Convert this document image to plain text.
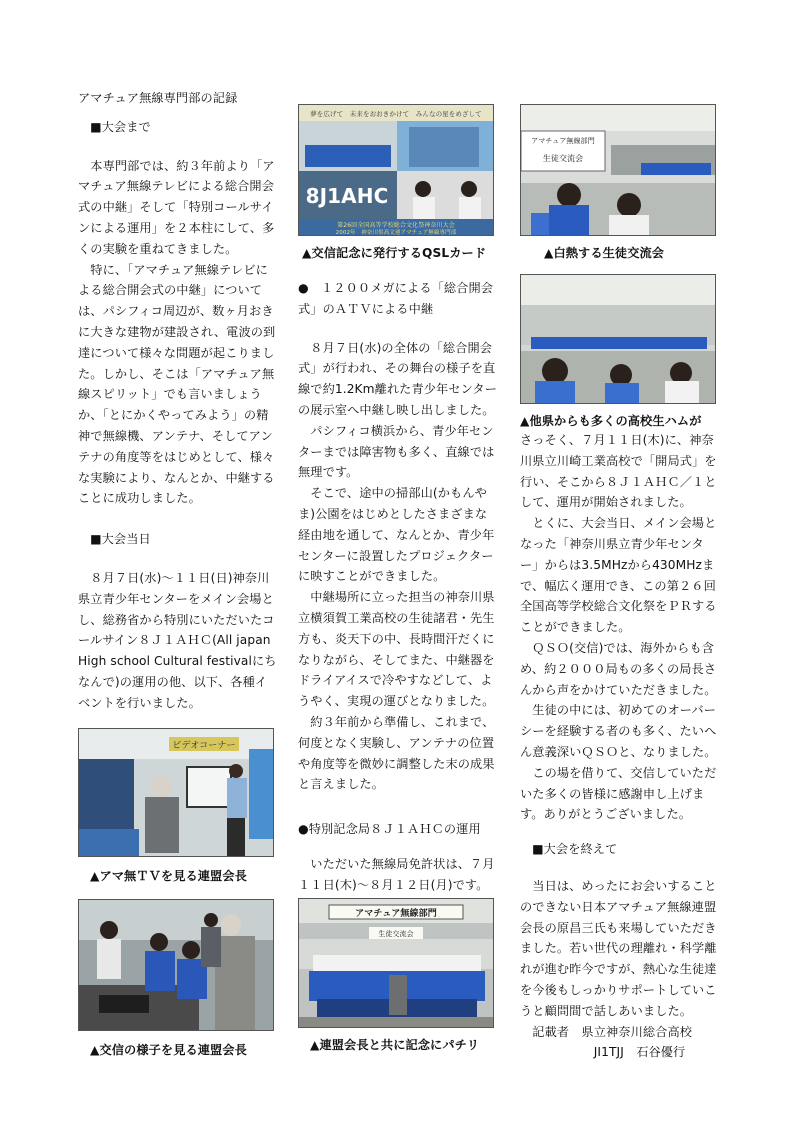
アマチュア無線専門部の記録

■大会まで

　本専門部では、約３年前より「アマチュア無線テレビによる総合開会式の中継」そして「特別コールサインによる運用」を２本柱にして、多くの実験を重ねてきました。

　特に、「アマチュア無線テレビによる総合開会式の中継」については、パシフィコ周辺が、数ヶ月おきに大きな建物が建設され、電波の到達について様々な問題が起こりました。しかし、そこは「アマチュア無線スピリット」でも言いましょうか、「とにかくやってみよう」の精神で無線機、アンテナ、そしてアンテナの角度等をはじめとして、様々な実験により、なんとか、中継することに成功しました。

■大会当日

　８月７日(水)～１１日(日)神奈川県立青少年センターをメイン会場とし、総務省から特別にいただいたコールサイン８Ｊ１ＡＨＣ(All japan High school Cultural festivalにちなんで)の運用の他、以下、各種イベントを行いました。

ビデオコーナー

▲アマ無ＴＶを見る連盟会長

▲交信の様子を見る連盟会長

夢を広げて　未来をおおきかけて　みんなの星をめざして
8J1AHC
第26回全国高等学校総合文化祭神奈川大会
2002年　神奈川県高文連アマチュア無線専門部

▲交信記念に発行するQSLカード

●　１２００メガによる「総合開会式」のＡＴＶによる中継

　８月７日(水)の全体の「総合開会式」が行われ、その舞台の様子を直線で約1.2Km離れた青少年センターの展示室へ中継し映し出しました。

　パシフィコ横浜から、青少年センターまでは障害物も多く、直線では無理です。

　そこで、途中の掃部山(かもんやま)公園をはじめとしたさまざまな経由地を通して、なんとか、青少年センターに設置したプロジェクターに映すことができました。

　中継場所に立った担当の神奈川県立横須賀工業高校の生徒諸君・先生方も、炎天下の中、長時間汗だくになりながら、そしてまた、中継器をドライアイスで冷やすなどして、ようやく、実現の運びとなりました。

　約３年前から準備し、これまで、何度となく実験し、アンテナの位置や角度等を微妙に調整した末の成果と言えました。

●特別記念局８Ｊ１ＡＨＣの運用

　いただいた無線局免許状は、７月１１日(木)～８月１２日(月)です。

アマチュア無線部門
生徒交流会

▲連盟会長と共に記念にパチリ

アマチュア無線部門
生徒交流会

▲白熱する生徒交流会

▲他県からも多くの高校生ハムが

さっそく、７月１１日(木)に、神奈川県立川崎工業高校で「開局式」を行い、そこから８Ｊ１ＡＨＣ／１として、運用が開始されました。

　とくに、大会当日、メイン会場となった「神奈川県立青少年センター」からは3.5MHzから430MHzまで、幅広く運用でき、この第２６回全国高等学校総合文化祭をＰＲすることができました。

　ＱＳＯ(交信)では、海外からも含め、約２０００局もの多くの局長さんから声をかけていただきました。

　生徒の中には、初めてのオーバーシーを経験する者のも多く、たいへん意義深いＱＳＯと、なりました。

　この場を借りて、交信していただいた多くの皆様に感謝申し上げます。ありがとうございました。

■大会を終えて

　当日は、めったにお会いすることのできない日本アマチュア無線連盟会長の原昌三氏も来場していただきました。若い世代の理離れ・科学離れが進む昨今ですが、熱心な生徒達を今後もしっかりサポートしていこうと顧問間で話しあいました。

　記載者　県立神奈川総合高校

　　　　　　JI1TJJ　石谷優行
